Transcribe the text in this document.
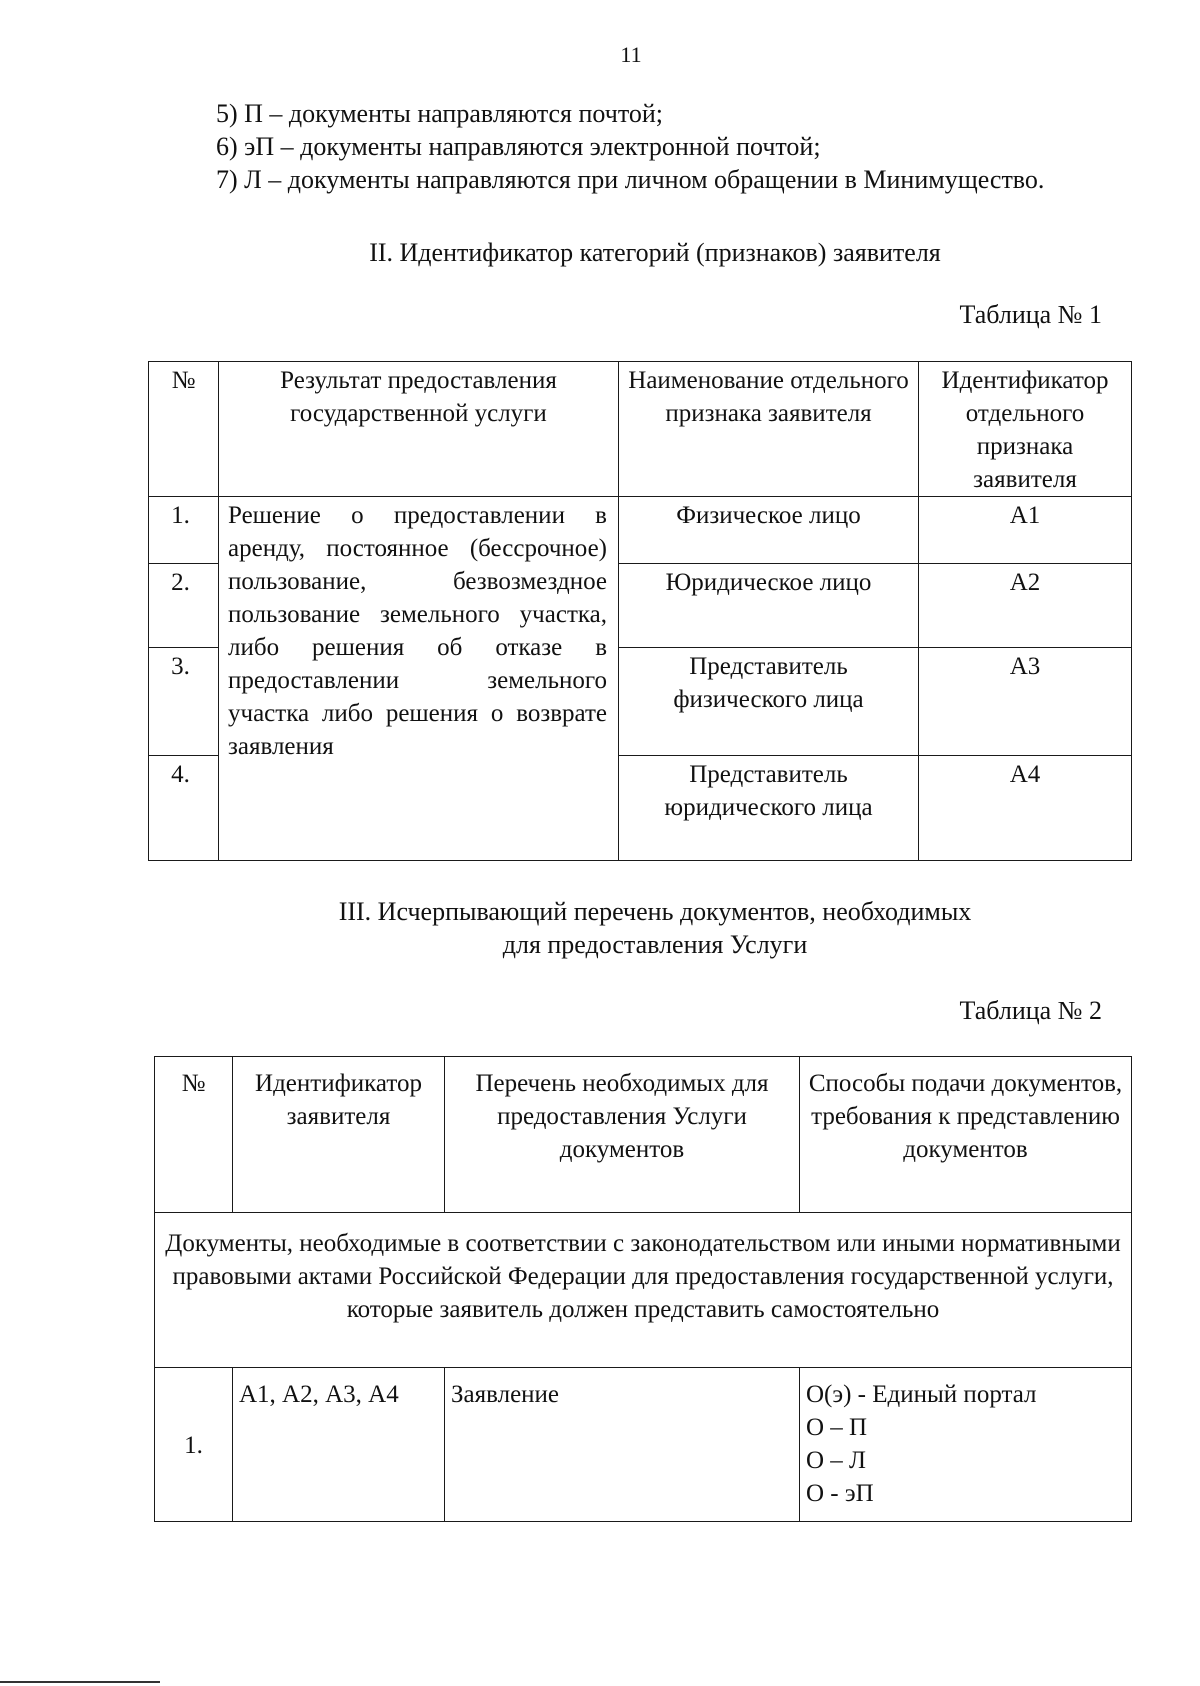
11
5) П – документы направляются почтой;
6) эП – документы направляются электронной почтой;
7) Л – документы направляются при личном обращении в Минимущество.
II. Идентификатор категорий (признаков) заявителя
Таблица № 1
№	Результат предоставления государственной услуги	Наименование отдельного признака заявителя	Идентификатор отдельного признака заявителя
1.	Решение о предоставлении в аренду, постоянное (бессрочное) пользование, безвозмездное пользование земельного участка, либо решения об отказе в предоставлении земельного участка либо решения о возврате заявления	Физическое лицо	А1
2.		Юридическое лицо	А2
3.		Представитель физического лица	А3
4.		Представитель юридического лица	А4
III. Исчерпывающий перечень документов, необходимых
для предоставления Услуги
Таблица № 2
№	Идентификатор заявителя	Перечень необходимых для предоставления Услуги документов	Способы подачи документов, требования к представлению документов
Документы, необходимые в соответствии с законодательством или иными нормативными правовыми актами Российской Федерации для предоставления государственной услуги, которые заявитель должен представить самостоятельно			
1.	А1, А2, А3, А4	Заявление	О(э) - Единый портал
О – П
О – Л
О - эП
